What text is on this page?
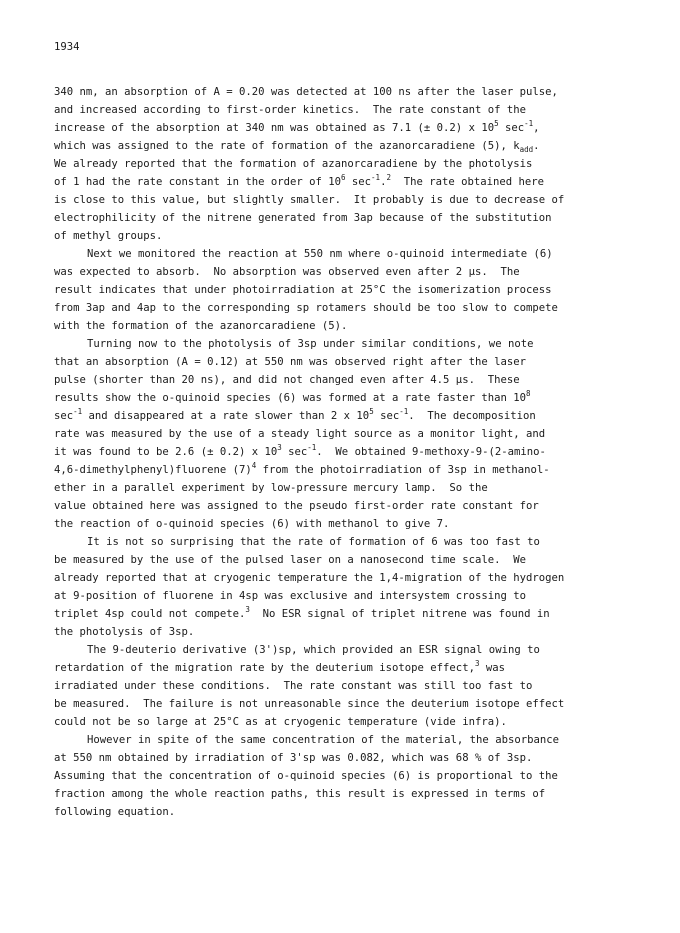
1934
340 nm, an absorption of A = 0.20 was detected at 100 ns after the laser pulse,
and increased according to first-order kinetics.  The rate constant of the
increase of the absorption at 340 nm was obtained as 7.1 (± 0.2) x $10^5$ $\sec^{-1}$,
which was assigned to the rate of formation of the azanorcaradiene (5), $k_{add}$.
We already reported that the formation of azanorcaradiene by the photolysis
of 1 had the rate constant in the order of $10^6$ $\sec^{-1}.^2$  The rate obtained here
is close to this value, but slightly smaller.  It probably is due to decrease of
electrophilicity of the nitrene generated from 3ap because of the substitution
of methyl groups.
Next we monitored the reaction at 550 nm where o-quinoid intermediate (6)
was expected to absorb.  No absorption was observed even after 2 µs.  The
result indicates that under photoirradiation at 25°C the isomerization process
from 3ap and 4ap to the corresponding sp rotamers should be too slow to compete
with the formation of the azanorcaradiene (5).
Turning now to the photolysis of 3sp under similar conditions, we note
that an absorption (A = 0.12) at 550 nm was observed right after the laser
pulse (shorter than 20 ns), and did not changed even after 4.5 µs.  These
results show the o-quinoid species (6) was formed at a rate faster than $10^8$
$\sec^{-1}$ and disappeared at a rate slower than 2 x $10^5$ $\sec^{-1}$.  The decomposition
rate was measured by the use of a steady light source as a monitor light, and
it was found to be 2.6 (± 0.2) x $10^3$ $\sec^{-1}$.  We obtained 9-methoxy-9-(2-amino-
4,6-dimethylphenyl)fluorene $(7)^4$ from the photoirradiation of 3sp in methanol-
ether in a parallel experiment by low-pressure mercury lamp.  So the
value obtained here was assigned to the pseudo first-order rate constant for
the reaction of o-quinoid species (6) with methanol to give 7.
It is not so surprising that the rate of formation of 6 was too fast to
be measured by the use of the pulsed laser on a nanosecond time scale.  We
already reported that at cryogenic temperature the 1,4-migration of the hydrogen
at 9-position of fluorene in 4sp was exclusive and intersystem crossing to
triplet 4sp could not compete.$^3$  No ESR signal of triplet nitrene was found in
the photolysis of 3sp.
The 9-deuterio derivative (3')sp, which provided an ESR signal owing to
retardation of the migration rate by the deuterium isotope effect,$^3$ was
irradiated under these conditions.  The rate constant was still too fast to
be measured.  The failure is not unreasonable since the deuterium isotope effect
could not be so large at 25°C as at cryogenic temperature (vide infra).
However in spite of the same concentration of the material, the absorbance
at 550 nm obtained by irradiation of 3'sp was 0.082, which was 68 % of 3sp.
Assuming that the concentration of o-quinoid species (6) is proportional to the
fraction among the whole reaction paths, this result is expressed in terms of
following equation.
